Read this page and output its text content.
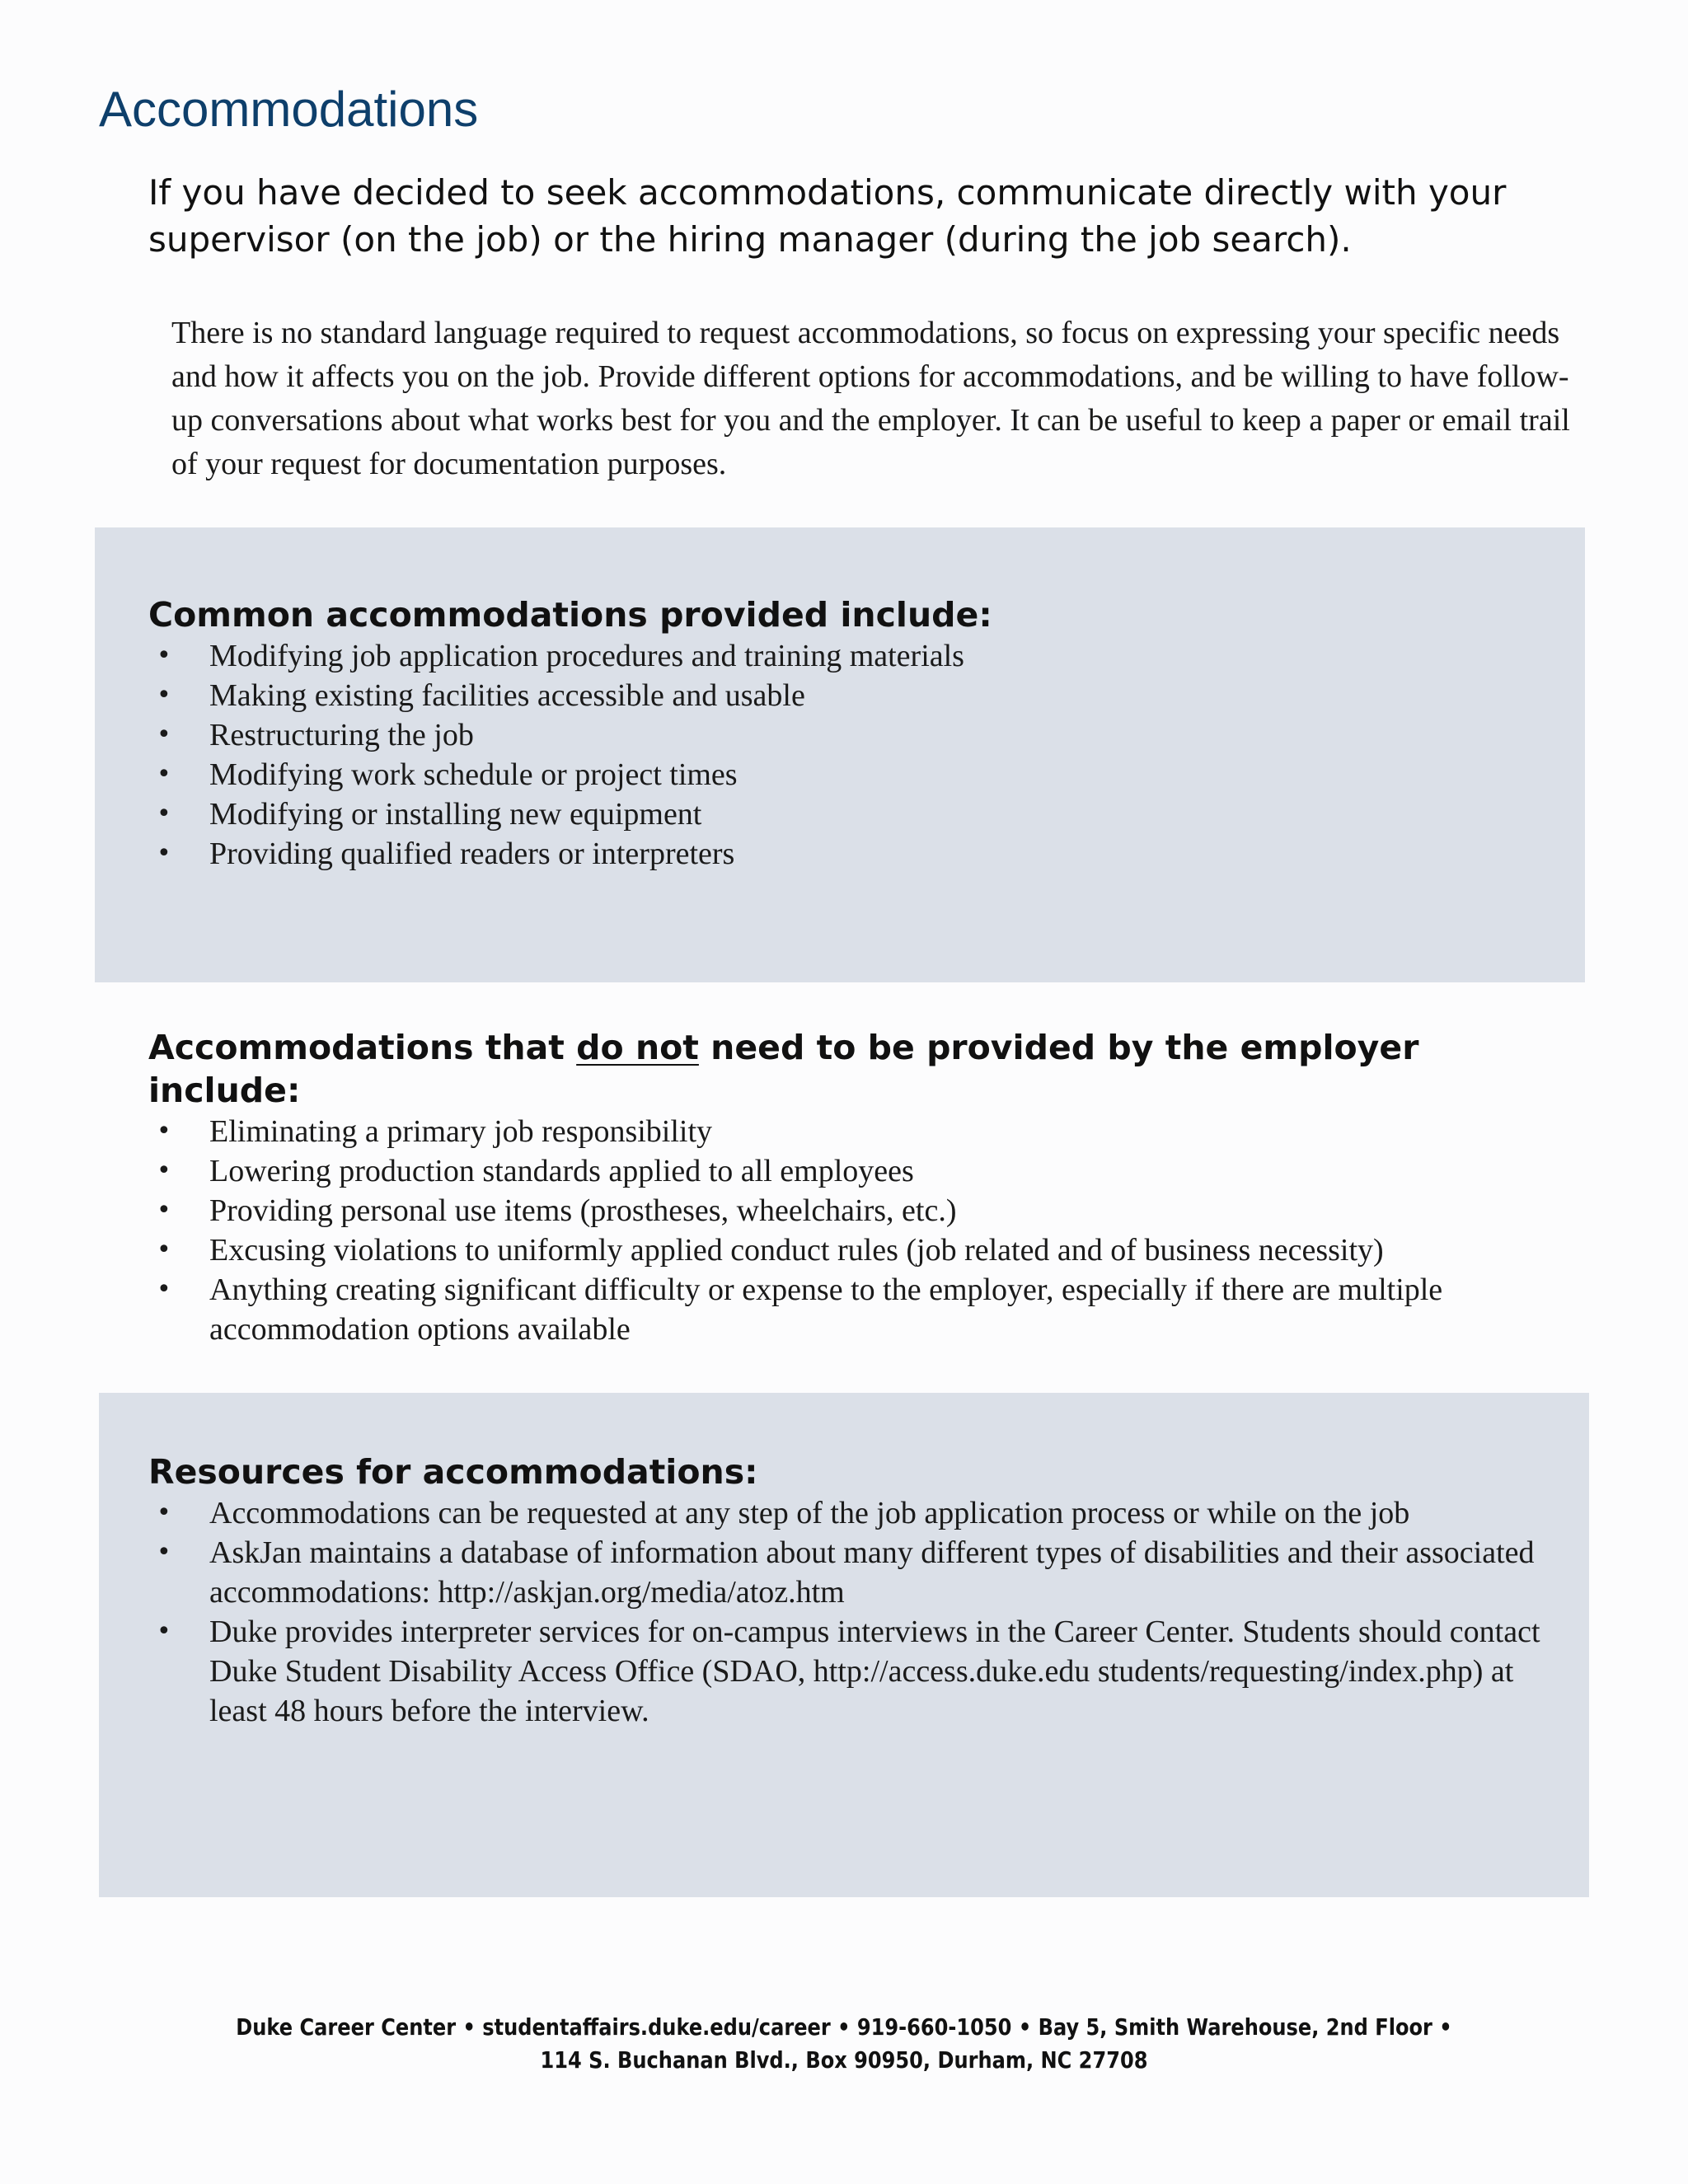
Accommodations

If you have decided to seek accommodations, communicate directly with your supervisor (on the job) or the hiring manager (during the job search).

There is no standard language required to request accommodations, so focus on expressing your specific needs and how it affects you on the job. Provide different options for accommodations, and be willing to have follow-up conversations about what works best for you and the employer. It can be useful to keep a paper or email trail of your request for documentation purposes.

Common accommodations provided include:
• Modifying job application procedures and training materials
• Making existing facilities accessible and usable
• Restructuring the job
• Modifying work schedule or project times
• Modifying or installing new equipment
• Providing qualified readers or interpreters
Accommodations that do not need to be provided by the employer include:
• Eliminating a primary job responsibility
• Lowering production standards applied to all employees
• Providing personal use items (prostheses, wheelchairs, etc.)
• Excusing violations to uniformly applied conduct rules (job related and of business necessity)
• Anything creating significant difficulty or expense to the employer, especially if there are multiple accommodation options available
Resources for accommodations:
• Accommodations can be requested at any step of the job application process or while on the job
• AskJan maintains a database of information about many different types of disabilities and their associated accommodations: http://askjan.org/media/atoz.htm
• Duke provides interpreter services for on-campus interviews in the Career Center. Students should contact Duke Student Disability Access Office (SDAO, http://access.duke.edu students/requesting/index.php) at least 48 hours before the interview.
Duke Career Center • studentaffairs.duke.edu/career • 919-660-1050 • Bay 5, Smith Warehouse, 2nd Floor •
114 S. Buchanan Blvd., Box 90950, Durham, NC 27708
